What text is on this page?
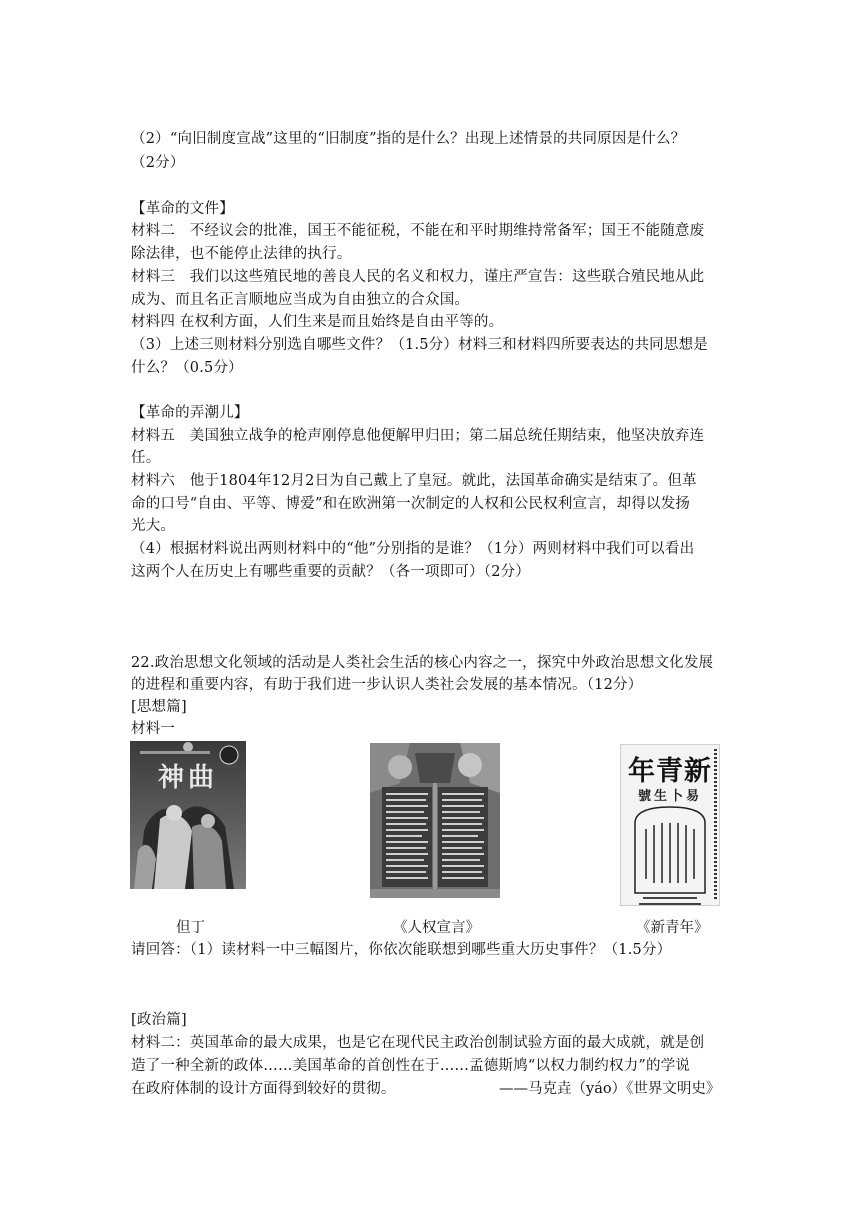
（2）“向旧制度宣战”这里的“旧制度”指的是什么？出现上述情景的共同原因是什么？
（2分）
【革命的文件】
材料二　不经议会的批准，国王不能征税，不能在和平时期维持常备军；国王不能随意废
除法律，也不能停止法律的执行。
材料三　我们以这些殖民地的善良人民的名义和权力，谨庄严宣告：这些联合殖民地从此
成为、而且名正言顺地应当成为自由独立的合众国。
材料四 在权利方面，人们生来是而且始终是自由平等的。
（3）上述三则材料分别选自哪些文件？（1.5分）材料三和材料四所要表达的共同思想是
什么？（0.5分）
【革命的弄潮儿】
材料五　美国独立战争的枪声刚停息他便解甲归田；第二届总统任期结束，他坚决放弃连
任。
材料六　他于1804年12月2日为自己戴上了皇冠。就此，法国革命确实是结束了。但革
命的口号“自由、平等、博爱”和在欧洲第一次制定的人权和公民权利宣言，却得以发扬
光大。
（4）根据材料说出两则材料中的“他”分别指的是谁？（1分）两则材料中我们可以看出
这两个人在历史上有哪些重要的贡献？（各一项即可）（2分）
22.政治思想文化领域的活动是人类社会生活的核心内容之一，探究中外政治思想文化发展
的进程和重要内容，有助于我们进一步认识人类社会发展的基本情况。（12分）
[思想篇]
材料一
神曲	年青新
號生卜易
但丁	《人权宣言》	《新青年》
请回答：（1）读材料一中三幅图片，你依次能联想到哪些重大历史事件？（1.5分）
[政治篇]
材料二：英国革命的最大成果，也是它在现代民主政治创制试验方面的最大成就，就是创
造了一种全新的政体……美国革命的首创性在于……孟德斯鸠“以权力制约权力”的学说
在政府体制的设计方面得到较好的贯彻。	——马克垚（yáo）《世界文明史》
